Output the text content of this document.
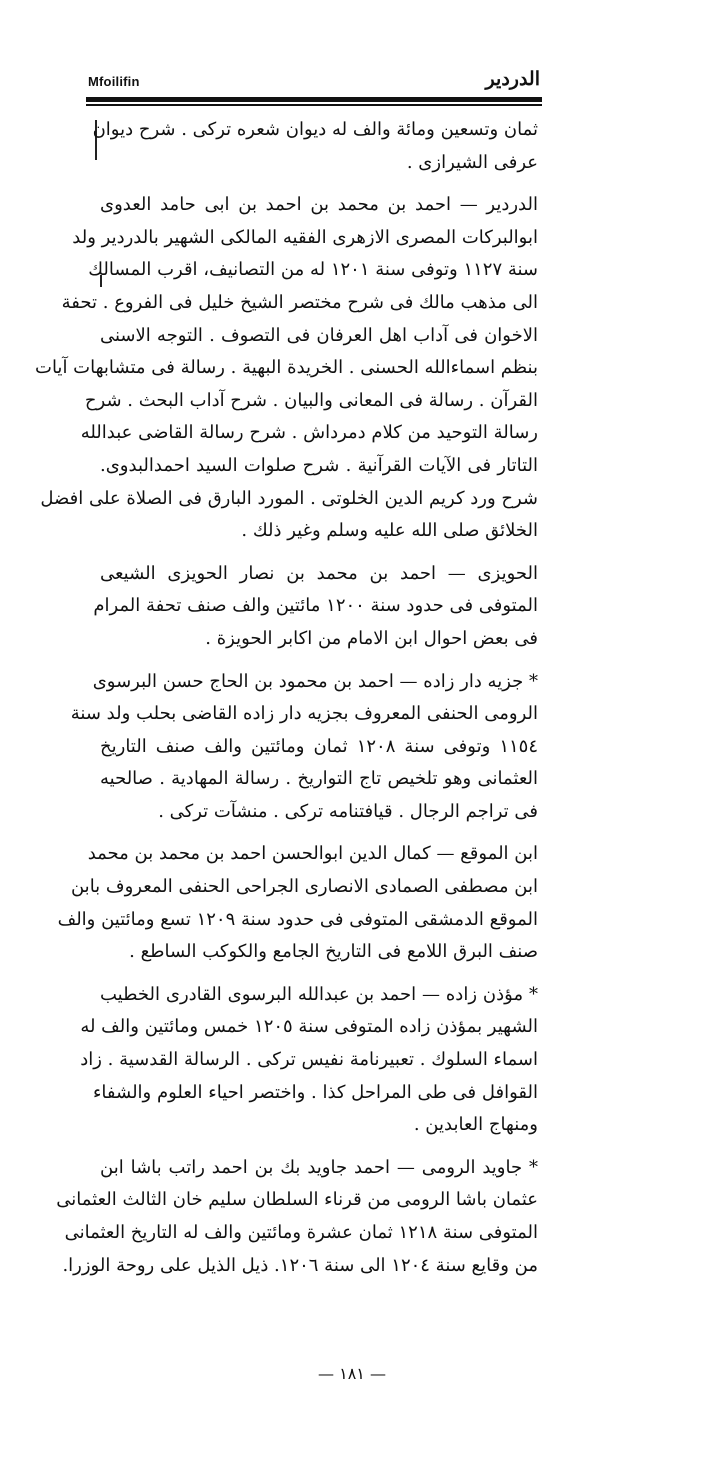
Mfoilifin	الدردير

ثمان وتسعين ومائة والف له ديوان شعره تركى . شرح ديوان
عرفى الشيرازى .

الدردير — احمد بن محمد بن احمد بن ابى حامد العدوى
ابوالبركات المصرى الازهرى الفقيه المالكى الشهير بالدردير ولد
سنة ١١٢٧ وتوفى سنة ١٢٠١ له من التصانيف، اقرب المسالك
الى مذهب مالك فى شرح مختصر الشيخ خليل فى الفروع . تحفة
الاخوان فى آداب اهل العرفان فى التصوف . التوجه الاسنى
بنظم اسماءالله الحسنى . الخريدة البهية . رسالة فى متشابهات آيات
القرآن . رسالة فى المعانى والبيان . شرح آداب البحث . شرح
رسالة التوحيد من كلام دمرداش . شرح رسالة القاضى عبدالله
التاتار فى الآيات القرآنية . شرح صلوات السيد احمدالبدوى.
شرح ورد كريم الدين الخلوتى . المورد البارق فى الصلاة على افضل
الخلائق صلى الله عليه وسلم وغير ذلك .

الحويزى — احمد بن محمد بن نصار الحويزى الشيعى
المتوفى فى حدود سنة ١٢٠٠ مائتين والف صنف تحفة المرام
فى بعض احوال ابن الامام من اكابر الحويزة .

* جزيه دار زاده — احمد بن محمود بن الحاج حسن البرسوى
الرومى الحنفى المعروف بجزيه دار زاده القاضى بحلب ولد سنة
١١٥٤ وتوفى سنة ١٢٠٨ ثمان ومائتين والف صنف التاريخ
العثمانى وهو تلخيص تاج التواريخ . رسالة المهادية . صالحيه
فى تراجم الرجال . قيافتنامه تركى . منشآت تركى .

ابن الموقع — كمال الدين ابوالحسن احمد بن محمد بن محمد
ابن مصطفى الصمادى الانصارى الجراحى الحنفى المعروف بابن
الموقع الدمشقى المتوفى فى حدود سنة ١٢٠٩ تسع ومائتين والف
صنف البرق اللامع فى التاريخ الجامع والكوكب الساطع .

* مؤذن زاده — احمد بن عبدالله البرسوى القادرى الخطيب
الشهير بمؤذن زاده المتوفى سنة ١٢٠٥ خمس ومائتين والف له
اسماء السلوك . تعبيرنامة نفيس تركى . الرسالة القدسية . زاد
القوافل فى طى المراحل كذا . واختصر احياء العلوم والشفاء
ومنهاج العابدين .

* جاويد الرومى — احمد جاويد بك بن احمد راتب باشا ابن
عثمان باشا الرومى من قرناء السلطان سليم خان الثالث العثمانى
المتوفى سنة ١٢١٨ ثمان عشرة ومائتين والف له التاريخ العثمانى
من وقايع سنة ١٢٠٤ الى سنة ١٢٠٦. ذيل الذيل على روحة الوزرا.

— ١٨١ —
